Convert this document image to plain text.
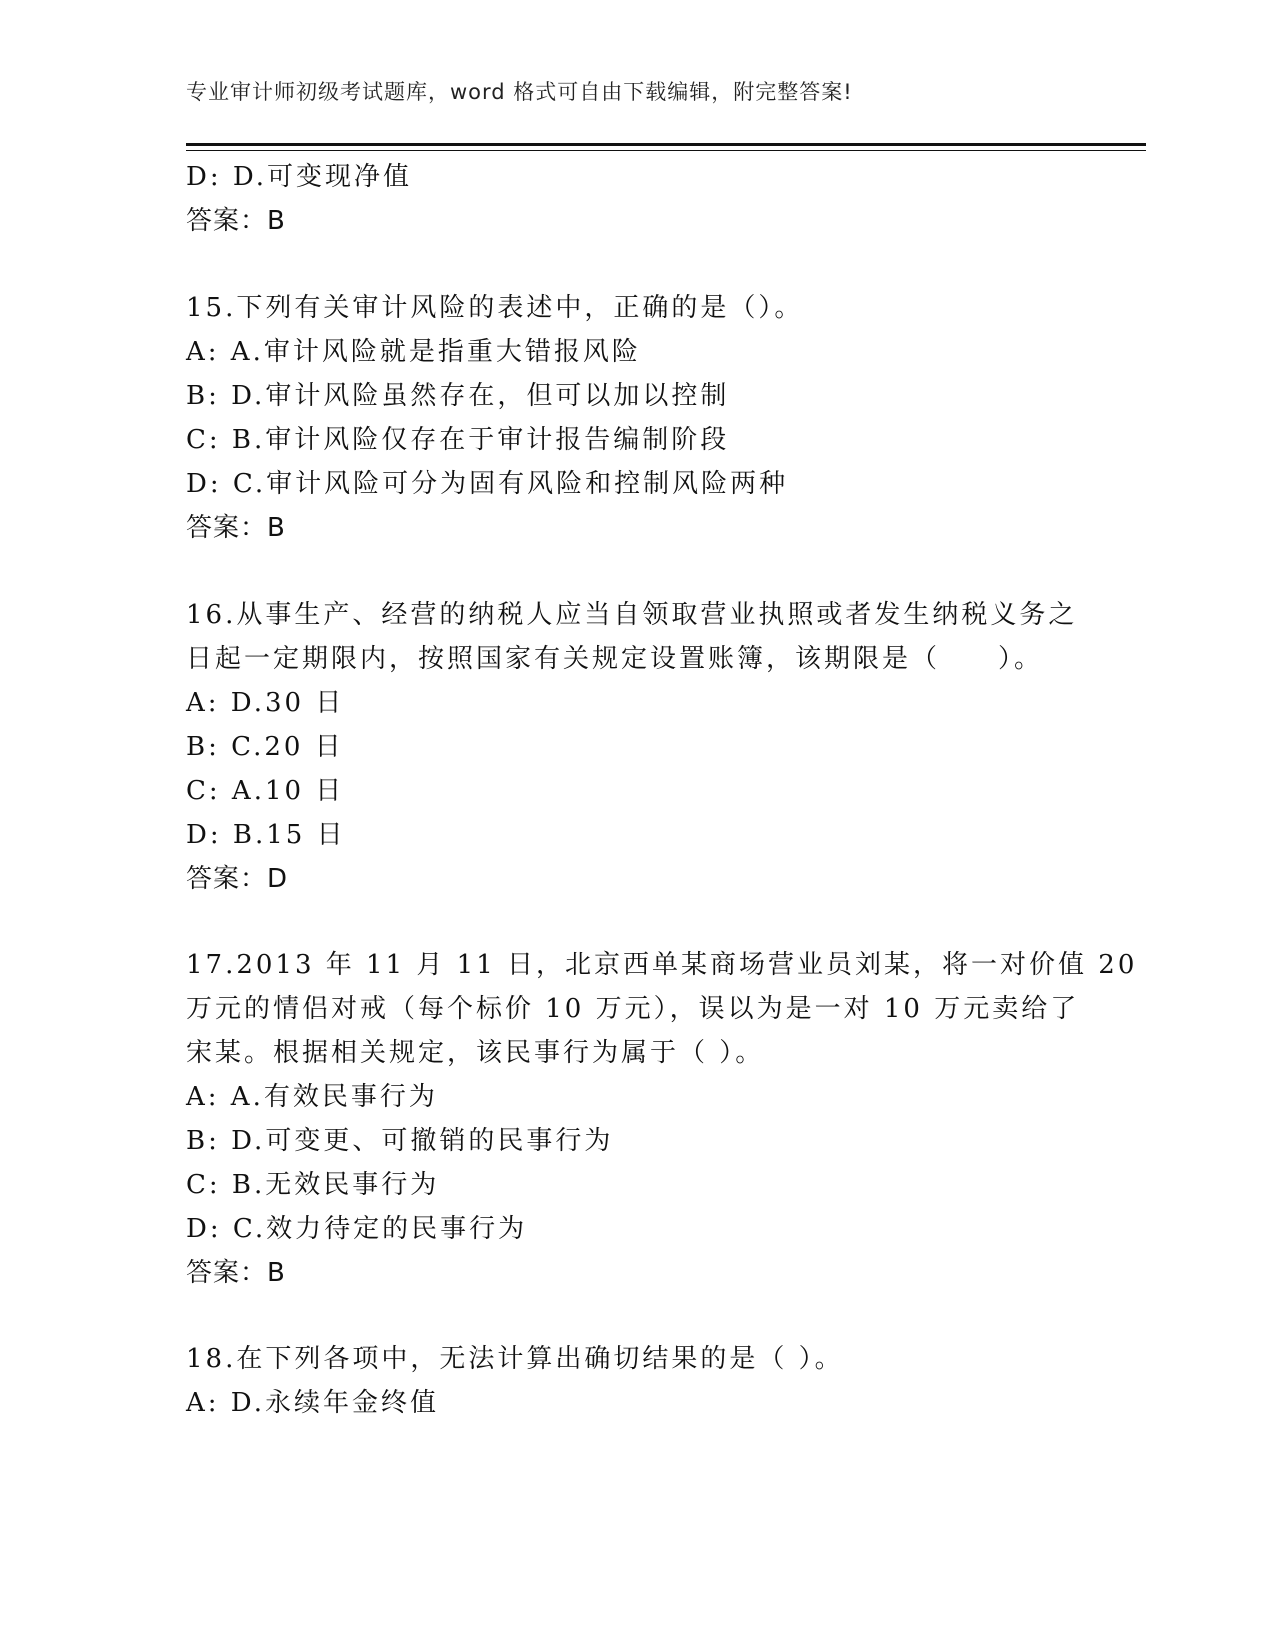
专业审计师初级考试题库，word 格式可自由下载编辑，附完整答案!
D: D.可变现净值
答案：B
15.下列有关审计风险的表述中，正确的是（）。
A: A.审计风险就是指重大错报风险
B: D.审计风险虽然存在，但可以加以控制
C: B.审计风险仅存在于审计报告编制阶段
D: C.审计风险可分为固有风险和控制风险两种
答案：B
16.从事生产、经营的纳税人应当自领取营业执照或者发生纳税义务之
日起一定期限内，按照国家有关规定设置账簿，该期限是（　　）。
A: D.30 日
B: C.20 日
C: A.10 日
D: B.15 日
答案：D
17.2013 年 11 月 11 日，北京西单某商场营业员刘某，将一对价值 20
万元的情侣对戒（每个标价 10 万元），误以为是一对 10 万元卖给了
宋某。根据相关规定，该民事行为属于（ ）。
A: A.有效民事行为
B: D.可变更、可撤销的民事行为
C: B.无效民事行为
D: C.效力待定的民事行为
答案：B
18.在下列各项中，无法计算出确切结果的是（ ）。
A: D.永续年金终值
